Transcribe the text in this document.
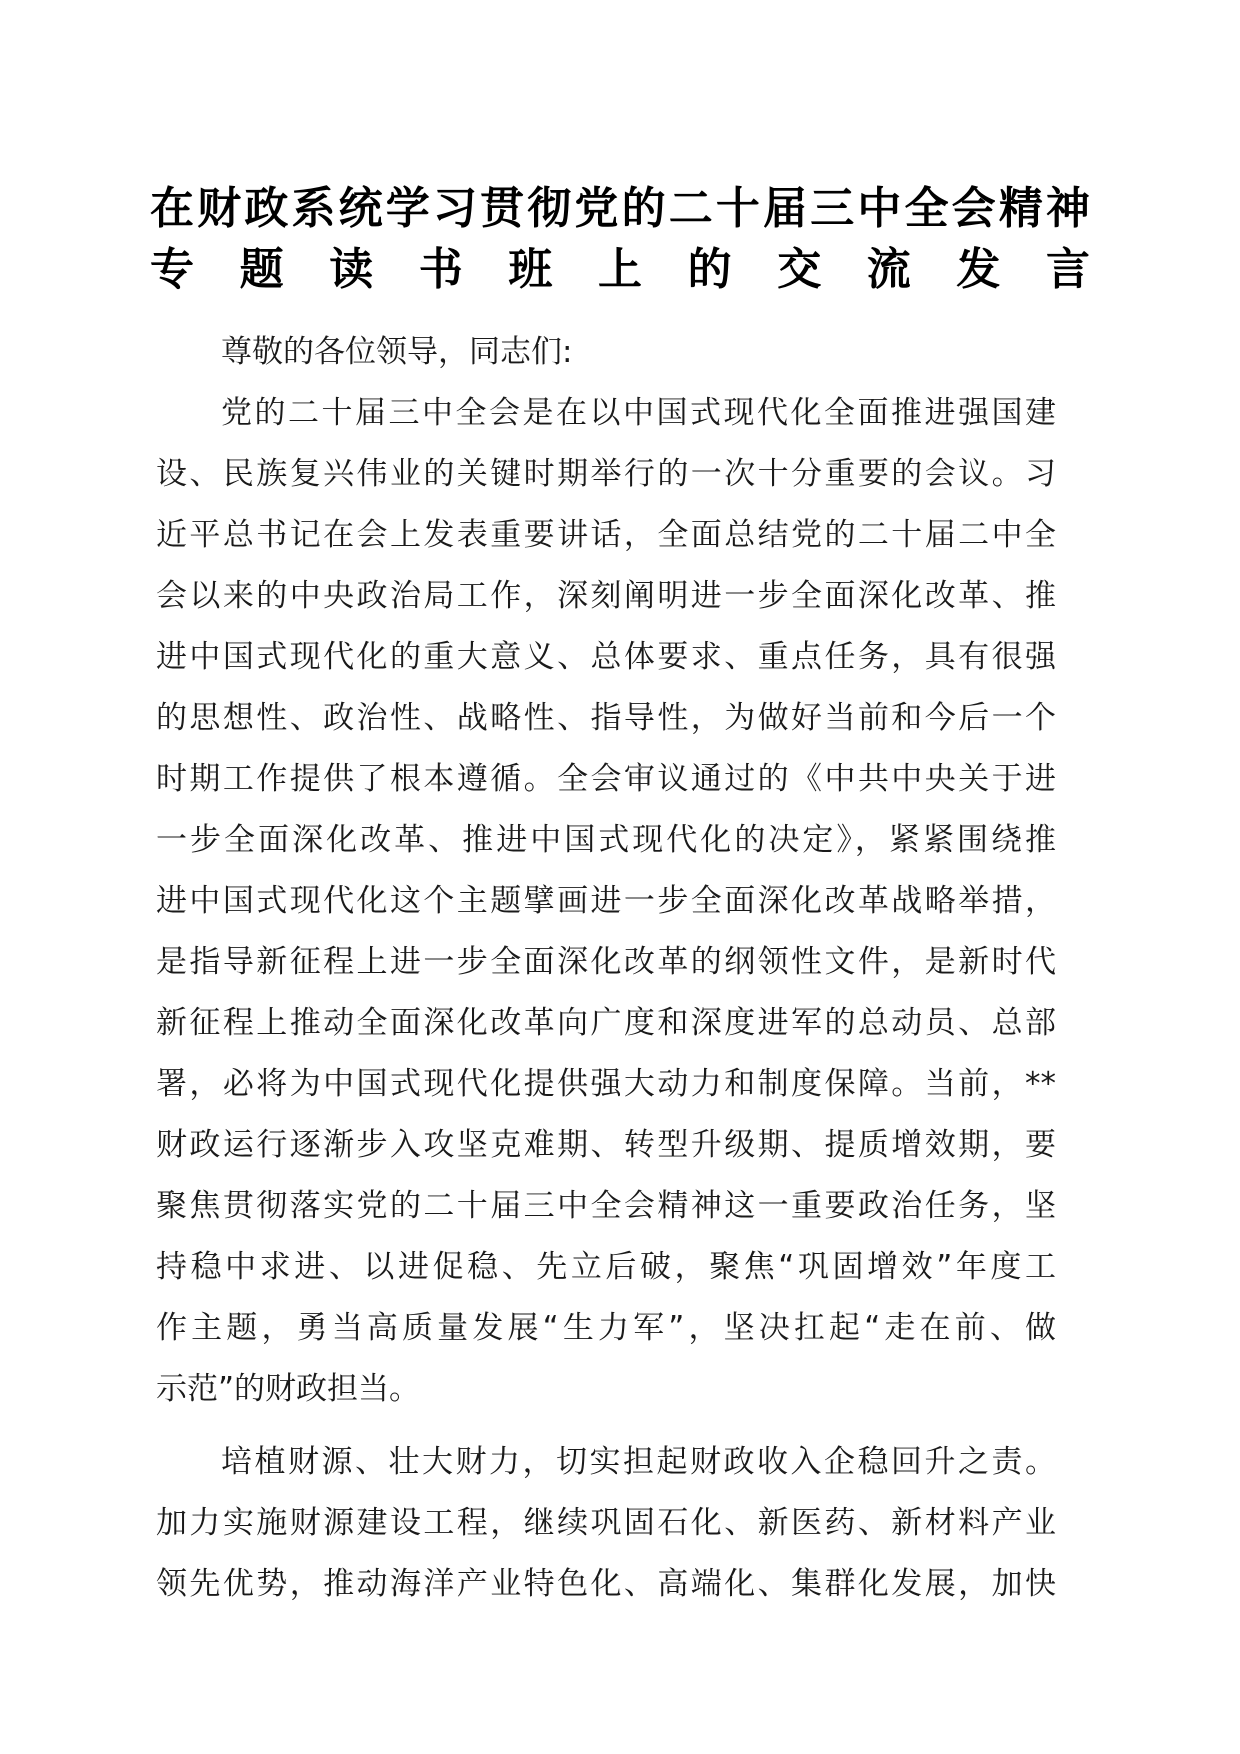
在财政系统学习贯彻党的二十届三中全会精神
专题读书班上的交流发言
尊敬的各位领导，同志们:
党的二十届三中全会是在以中国式现代化全面推进强国建
设、民族复兴伟业的关键时期举行的一次十分重要的会议。习
近平总书记在会上发表重要讲话，全面总结党的二十届二中全
会以来的中央政治局工作，深刻阐明进一步全面深化改革、推
进中国式现代化的重大意义、总体要求、重点任务，具有很强
的思想性、政治性、战略性、指导性，为做好当前和今后一个
时期工作提供了根本遵循。全会审议通过的《中共中央关于进
一步全面深化改革、推进中国式现代化的决定》，紧紧围绕推
进中国式现代化这个主题擘画进一步全面深化改革战略举措，
是指导新征程上进一步全面深化改革的纲领性文件，是新时代
新征程上推动全面深化改革向广度和深度进军的总动员、总部
署，必将为中国式现代化提供强大动力和制度保障。当前，**
财政运行逐渐步入攻坚克难期、转型升级期、提质增效期，要
聚焦贯彻落实党的二十届三中全会精神这一重要政治任务，坚
持稳中求进、以进促稳、先立后破，聚焦“巩固增效”年度工
作主题，勇当高质量发展“生力军”，坚决扛起“走在前、做
示范”的财政担当。
培植财源、壮大财力，切实担起财政收入企稳回升之责。
加力实施财源建设工程，继续巩固石化、新医药、新材料产业
领先优势，推动海洋产业特色化、高端化、集群化发展，加快
